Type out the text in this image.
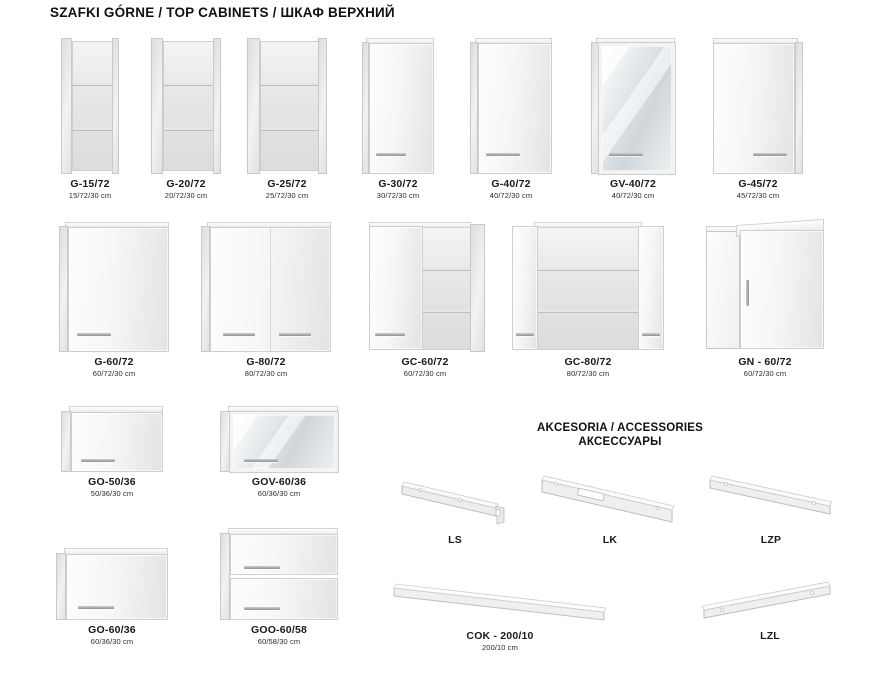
SZAFKI GÓRNE / TOP CABINETS / ШКАФ ВЕРХНИЙ
G-15/72
15/72/30 cm
G-20/72
20/72/30 cm
G-25/72
25/72/30 cm
G-30/72
30/72/30 cm
G-40/72
40/72/30 cm
GV-40/72
40/72/30 cm
G-45/72
45/72/30 cm
G-60/72
60/72/30 cm
G-80/72
80/72/30 cm
GC-60/72
60/72/30 cm
GC-80/72
80/72/30 cm
GN - 60/72
60/72/30 cm
GO-50/36
50/36/30 cm
GOV-60/36
60/36/30 cm
GO-60/36
60/36/30 cm
GOO-60/58
60/58/30 cm
AKCESORIA / ACCESSORIES
АКСЕССУАРЫ
LS	LK	LZP
COK - 200/10
200/10 cm
LZL
